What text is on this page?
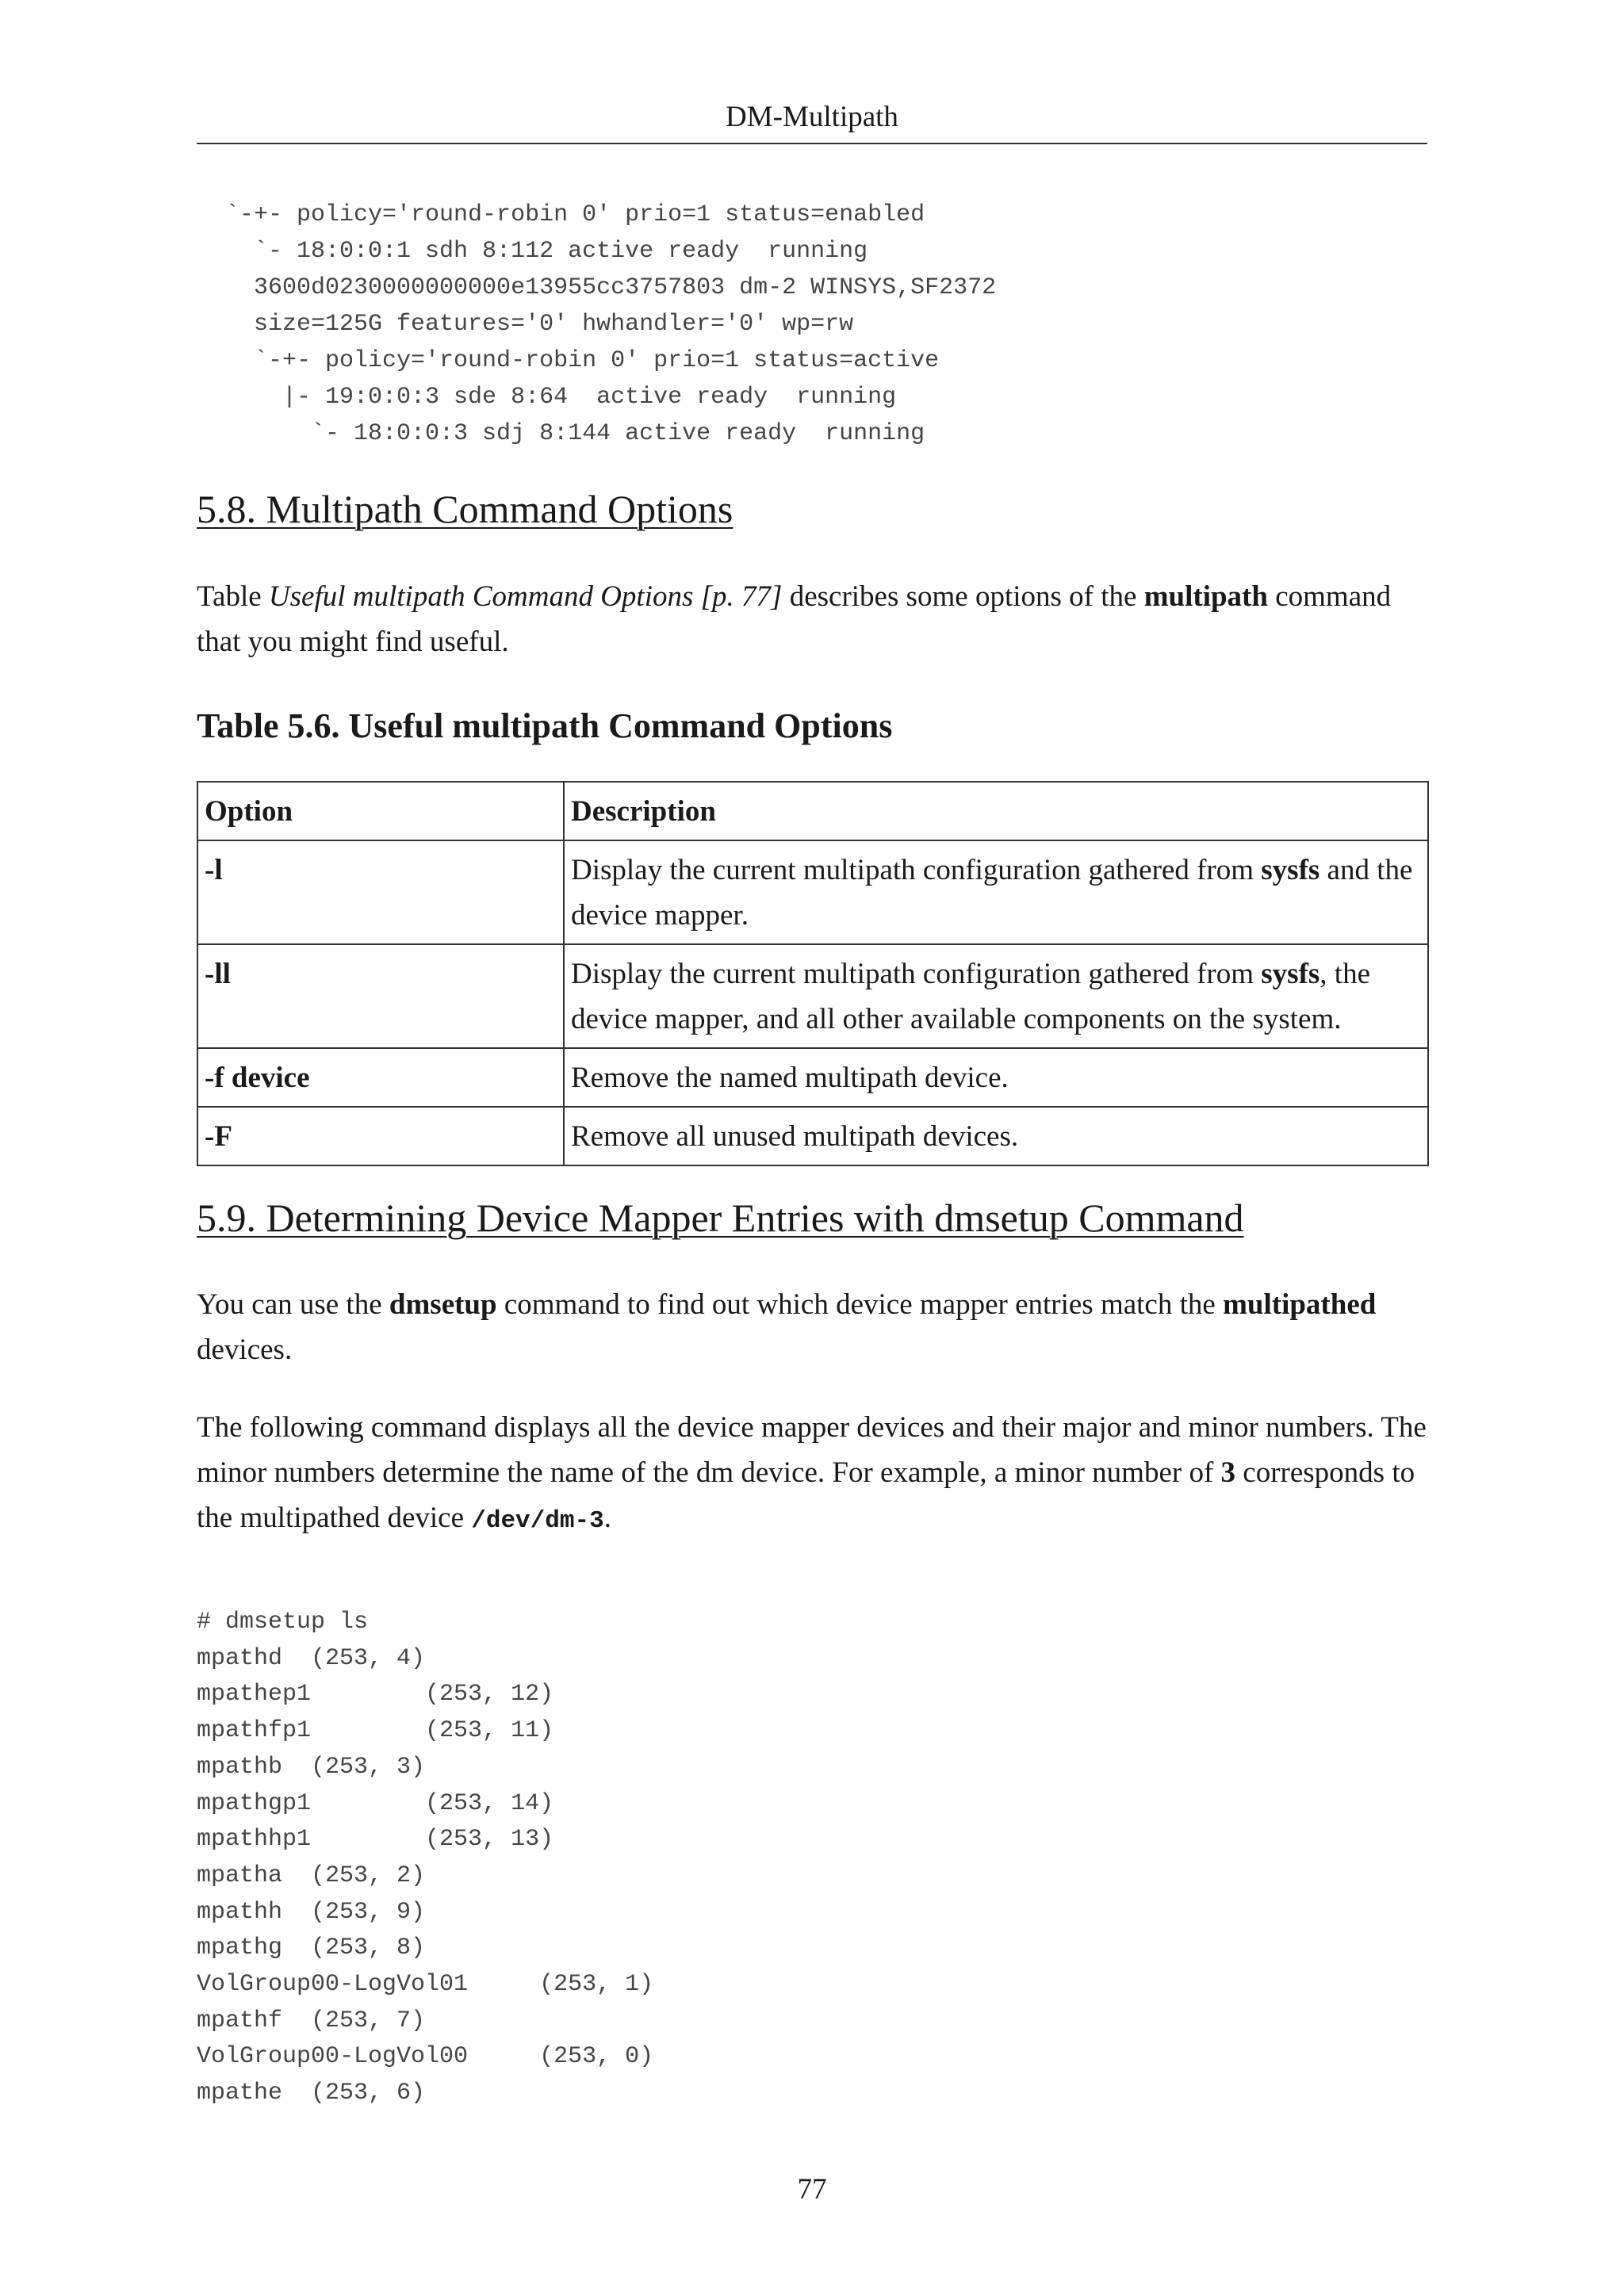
DM-Multipath
`-+- policy='round-robin 0' prio=1 status=enabled
`- 18:0:0:1 sdh 8:112 active ready  running
3600d0230000000000e13955cc3757803 dm-2 WINSYS,SF2372
size=125G features='0' hwhandler='0' wp=rw
`-+- policy='round-robin 0' prio=1 status=active
|- 19:0:0:3 sde 8:64  active ready  running
`- 18:0:0:3 sdj 8:144 active ready  running
5.8. Multipath Command Options

Table Useful multipath Command Options [p. 77] describes some options of the multipath command that you might find useful.

Table 5.6. Useful multipath Command Options
Option	Description
-l	Display the current multipath configuration gathered from sysfs and the device mapper.
-ll	Display the current multipath configuration gathered from sysfs, the device mapper, and all other available components on the system.
-f device	Remove the named multipath device.
-F	Remove all unused multipath devices.
5.9. Determining Device Mapper Entries with dmsetup Command

You can use the dmsetup command to find out which device mapper entries match the multipathed devices.

The following command displays all the device mapper devices and their major and minor numbers. The minor numbers determine the name of the dm device. For example, a minor number of 3 corresponds to the multipathed device /dev/dm-3.

# dmsetup ls
mpathd  (253, 4)
mpathep1        (253, 12)
mpathfp1        (253, 11)
mpathb  (253, 3)
mpathgp1        (253, 14)
mpathhp1        (253, 13)
mpatha  (253, 2)
mpathh  (253, 9)
mpathg  (253, 8)
VolGroup00-LogVol01     (253, 1)
mpathf  (253, 7)
VolGroup00-LogVol00     (253, 0)
mpathe  (253, 6)
77
